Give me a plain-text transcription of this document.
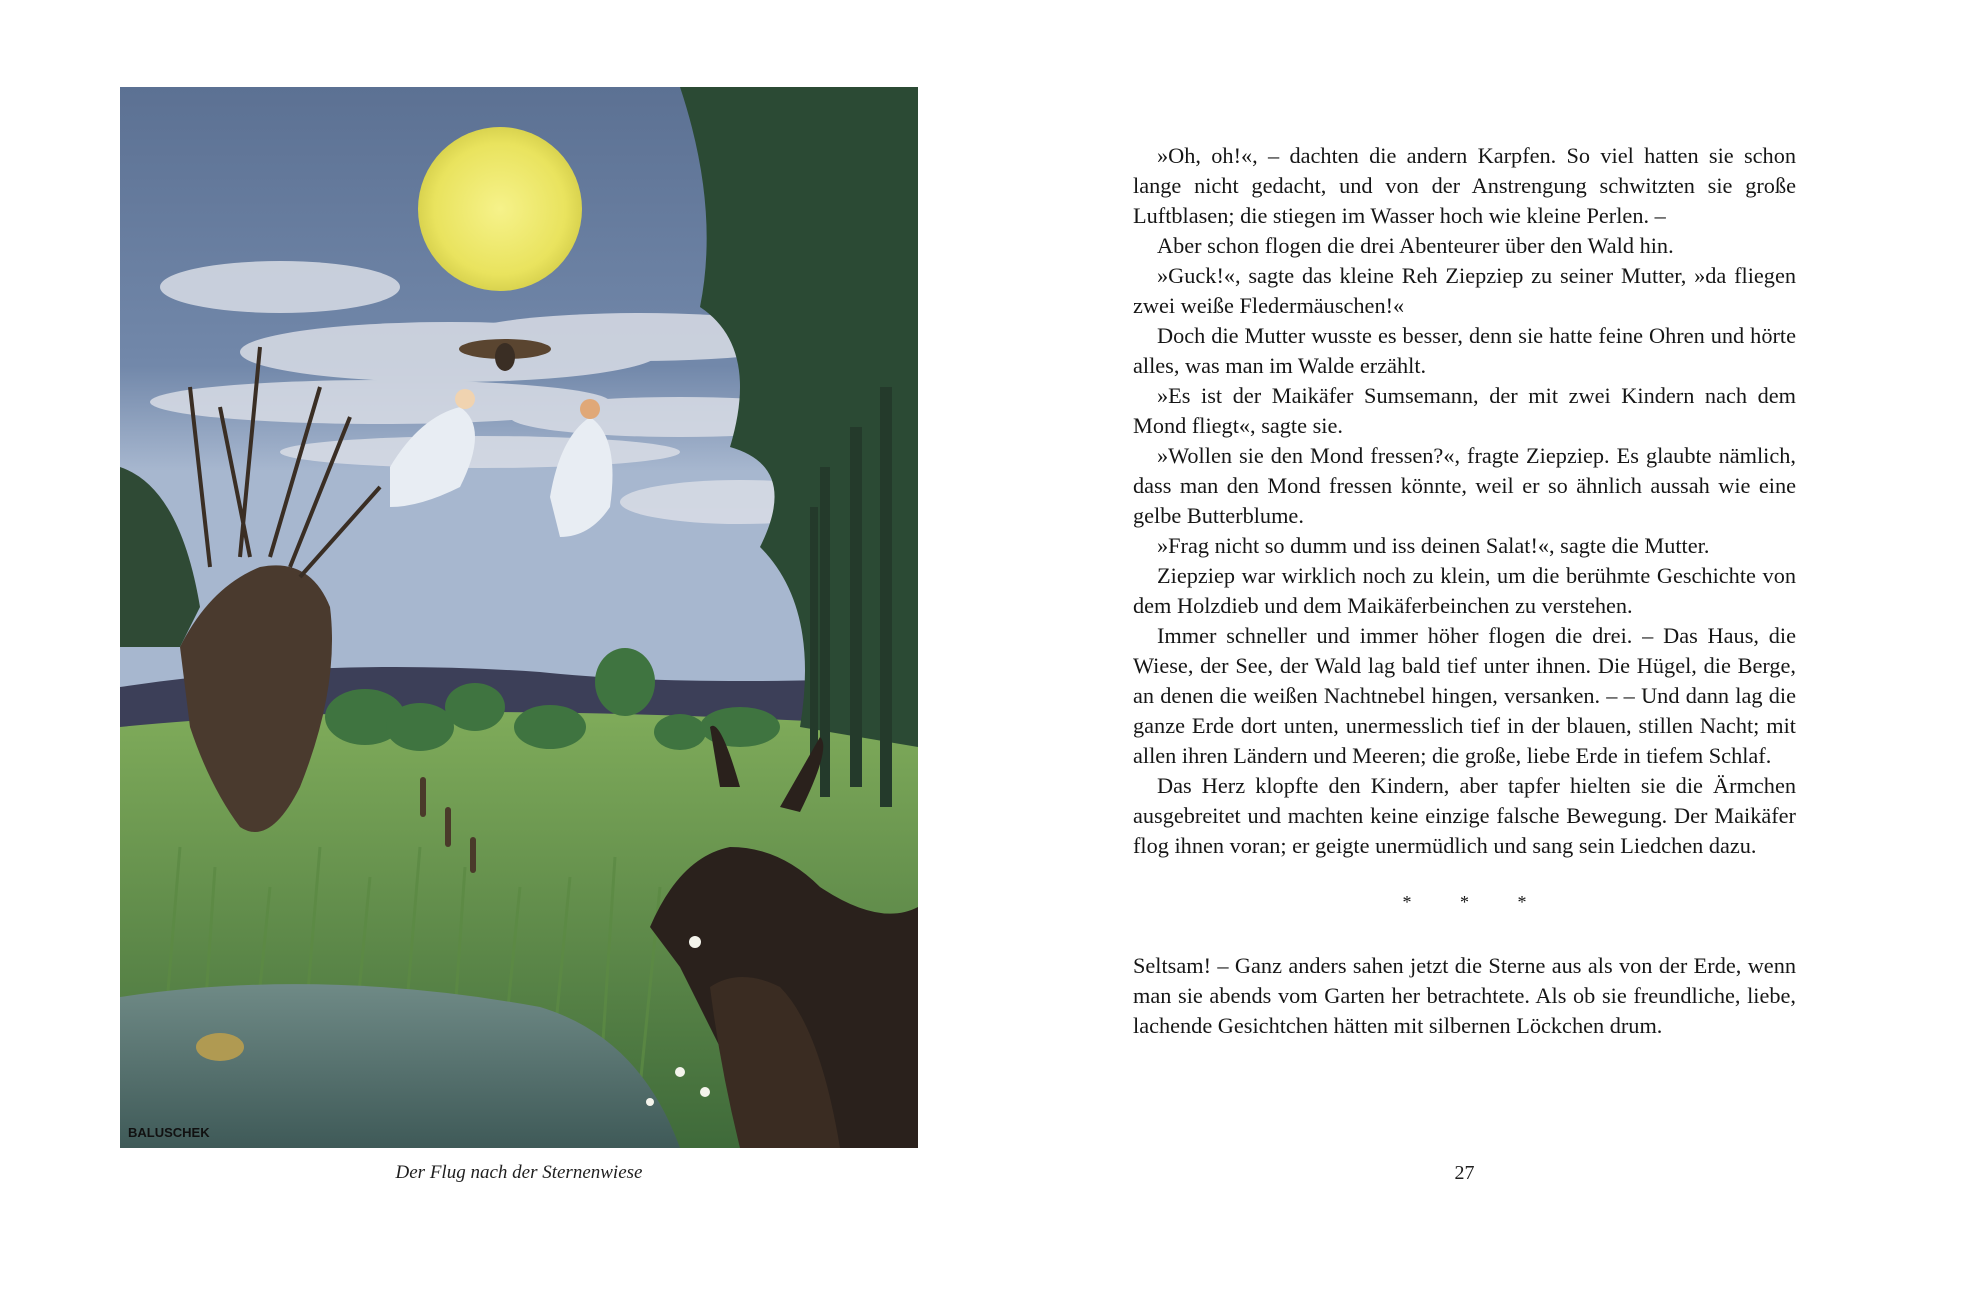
BALUSCHEK
Der Flug nach der Sternenwiese

»Oh, oh!«, – dachten die andern Karpfen. So viel hatten sie schon lange nicht gedacht, und von der Anstrengung schwitzten sie große Luftblasen; die stiegen im Wasser hoch wie kleine Perlen. –

Aber schon flogen die drei Abenteurer über den Wald hin.

»Guck!«, sagte das kleine Reh Ziepziep zu seiner Mutter, »da fliegen zwei weiße Fledermäuschen!«

Doch die Mutter wusste es besser, denn sie hatte feine Ohren und hörte alles, was man im Walde erzählt.

»Es ist der Maikäfer Sumsemann, der mit zwei Kindern nach dem Mond fliegt«, sagte sie.

»Wollen sie den Mond fressen?«, fragte Ziepziep. Es glaubte nämlich, dass man den Mond fressen könnte, weil er so ähnlich aussah wie eine gelbe Butterblume.

»Frag nicht so dumm und iss deinen Salat!«, sagte die Mutter.

Ziepziep war wirklich noch zu klein, um die berühmte Geschichte von dem Holzdieb und dem Maikäferbeinchen zu verstehen.

Immer schneller und immer höher flogen die drei. – Das Haus, die Wiese, der See, der Wald lag bald tief unter ihnen. Die Hügel, die Berge, an denen die weißen Nachtnebel hingen, versanken. – – Und dann lag die ganze Erde dort unten, unermesslich tief in der blauen, stillen Nacht; mit allen ihren Ländern und Meeren; die große, liebe Erde in tiefem Schlaf.

Das Herz klopfte den Kindern, aber tapfer hielten sie die Ärmchen ausgebreitet und machten keine einzige falsche Bewegung. Der Maikäfer flog ihnen voran; er geigte unermüdlich und sang sein Liedchen dazu.

* * *

Seltsam! – Ganz anders sahen jetzt die Sterne aus als von der Erde, wenn man sie abends vom Garten her betrachtete. Als ob sie freundliche, liebe, lachende Gesichtchen hätten mit silbernen Löckchen drum.

27
